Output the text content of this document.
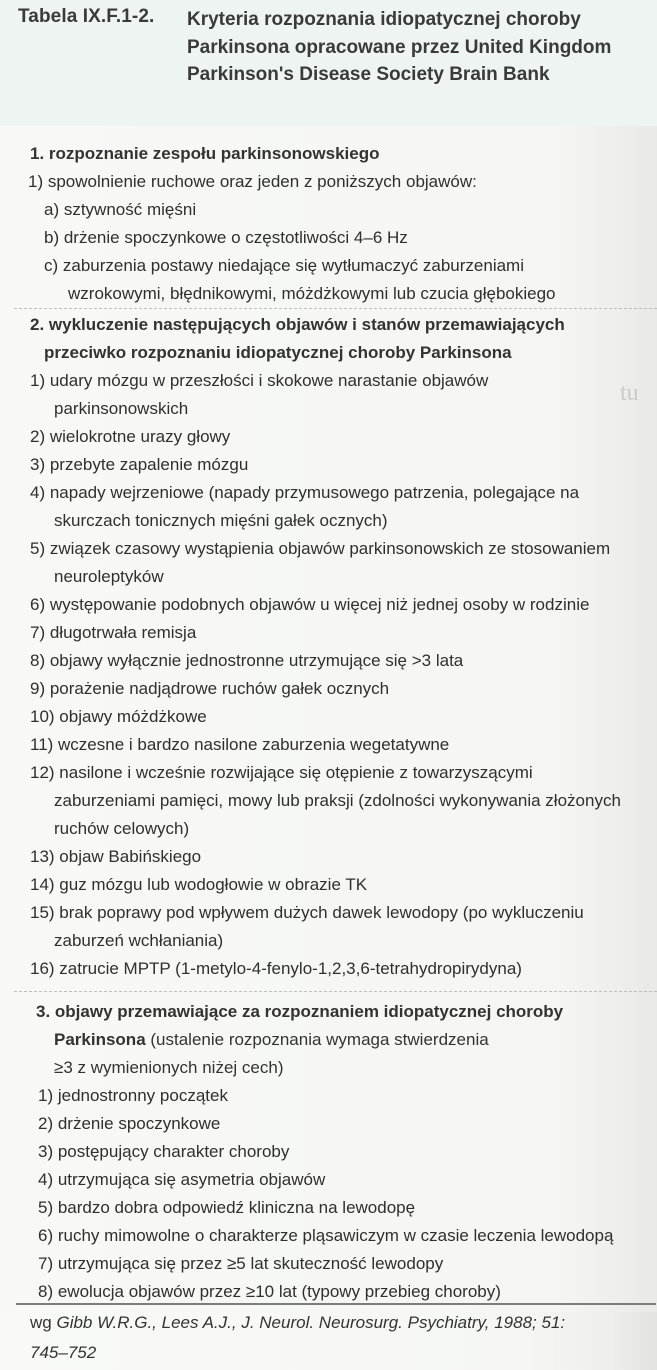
Tabela IX.F.1-2. Kryteria rozpoznania idiopatycznej choroby Parkinsona opracowane przez United Kingdom Parkinson's Disease Society Brain Bank
1. rozpoznanie zespołu parkinsonowskiego
1) spowolnienie ruchowe oraz jeden z poniższych objawów:
a) sztywność mięśni
b) drżenie spoczynkowe o częstotliwości 4–6 Hz
c) zaburzenia postawy niedające się wytłumaczyć zaburzeniami
wzrokowymi, błędnikowymi, móżdżkowymi lub czucia głębokiego
2. wykluczenie następujących objawów i stanów przemawiających
przeciwko rozpoznaniu idiopatycznej choroby Parkinsona
1) udary mózgu w przeszłości i skokowe narastanie objawów
parkinsonowskich
2) wielokrotne urazy głowy
3) przebyte zapalenie mózgu
4) napady wejrzeniowe (napady przymusowego patrzenia, polegające na
skurczach tonicznych mięśni gałek ocznych)
5) związek czasowy wystąpienia objawów parkinsonowskich ze stosowaniem
neuroleptyków
6) występowanie podobnych objawów u więcej niż jednej osoby w rodzinie
7) długotrwała remisja
8) objawy wyłącznie jednostronne utrzymujące się >3 lata
9) porażenie nadjądrowe ruchów gałek ocznych
10) objawy móżdżkowe
11) wczesne i bardzo nasilone zaburzenia wegetatywne
12) nasilone i wcześnie rozwijające się otępienie z towarzyszącymi
zaburzeniami pamięci, mowy lub praksji (zdolności wykonywania złożonych
ruchów celowych)
13) objaw Babińskiego
14) guz mózgu lub wodogłowie w obrazie TK
15) brak poprawy pod wpływem dużych dawek lewodopy (po wykluczeniu
zaburzeń wchłaniania)
16) zatrucie MPTP (1-metylo-4-fenylo-1,2,3,6-tetrahydropirydyna)
3. objawy przemawiające za rozpoznaniem idiopatycznej choroby
Parkinsona (ustalenie rozpoznania wymaga stwierdzenia
≥3 z wymienionych niżej cech)
1) jednostronny początek
2) drżenie spoczynkowe
3) postępujący charakter choroby
4) utrzymująca się asymetria objawów
5) bardzo dobra odpowiedź kliniczna na lewodopę
6) ruchy mimowolne o charakterze pląsawiczym w czasie leczenia lewodopą
7) utrzymująca się przez ≥5 lat skuteczność lewodopy
8) ewolucja objawów przez ≥10 lat (typowy przebieg choroby)
wg Gibb W.R.G., Lees A.J., J. Neurol. Neurosurg. Psychiatry, 1988; 51:
745–752
tu
